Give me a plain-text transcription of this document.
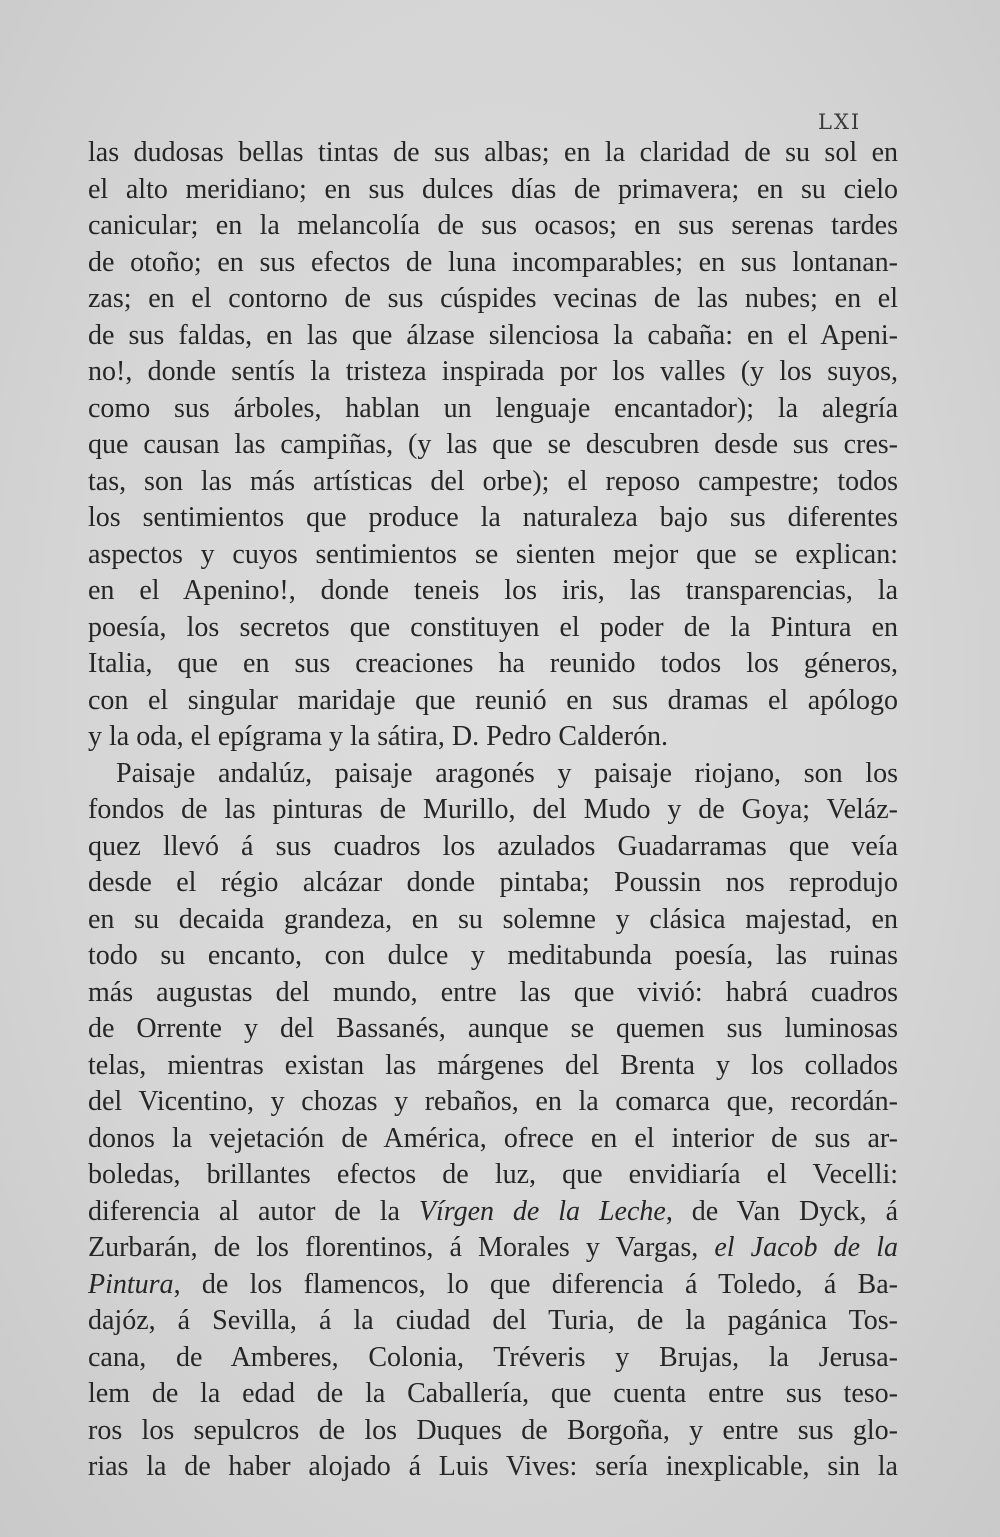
LXI
las dudosas bellas tintas de sus albas; en la claridad de su sol en
el alto meridiano; en sus dulces días de primavera; en su cielo
canicular; en la melancolía de sus ocasos; en sus serenas tardes
de otoño; en sus efectos de luna incomparables; en sus lontanan-
zas; en el contorno de sus cúspides vecinas de las nubes; en el
de sus faldas, en las que álzase silenciosa la cabaña: en el Apeni-
no!, donde sentís la tristeza inspirada por los valles (y los suyos,
como sus árboles, hablan un lenguaje encantador); la alegría
que causan las campiñas, (y las que se descubren desde sus cres-
tas, son las más artísticas del orbe); el reposo campestre; todos
los sentimientos que produce la naturaleza bajo sus diferentes
aspectos y cuyos sentimientos se sienten mejor que se explican:
en el Apenino!, donde teneis los iris, las transparencias, la
poesía, los secretos que constituyen el poder de la Pintura en
Italia, que en sus creaciones ha reunido todos los géneros,
con el singular maridaje que reunió en sus dramas el apólogo
y la oda, el epígrama y la sátira, D. Pedro Calderón.
Paisaje andalúz, paisaje aragonés y paisaje riojano, son los
fondos de las pinturas de Murillo, del Mudo y de Goya; Veláz-
quez llevó á sus cuadros los azulados Guadarramas que veía
desde el régio alcázar donde pintaba; Poussin nos reprodujo
en su decaida grandeza, en su solemne y clásica majestad, en
todo su encanto, con dulce y meditabunda poesía, las ruinas
más augustas del mundo, entre las que vivió: habrá cuadros
de Orrente y del Bassanés, aunque se quemen sus luminosas
telas, mientras existan las márgenes del Brenta y los collados
del Vicentino, y chozas y rebaños, en la comarca que, recordán-
donos la vejetación de América, ofrece en el interior de sus ar-
boledas, brillantes efectos de luz, que envidiaría el Vecelli:
diferencia al autor de la Vírgen de la Leche, de Van Dyck, á
Zurbarán, de los florentinos, á Morales y Vargas, el Jacob de la
Pintura, de los flamencos, lo que diferencia á Toledo, á Ba-
dajóz, á Sevilla, á la ciudad del Turia, de la pagánica Tos-
cana, de Amberes, Colonia, Tréveris y Brujas, la Jerusa-
lem de la edad de la Caballería, que cuenta entre sus teso-
ros los sepulcros de los Duques de Borgoña, y entre sus glo-
rias la de haber alojado á Luis Vives: sería inexplicable, sin la
